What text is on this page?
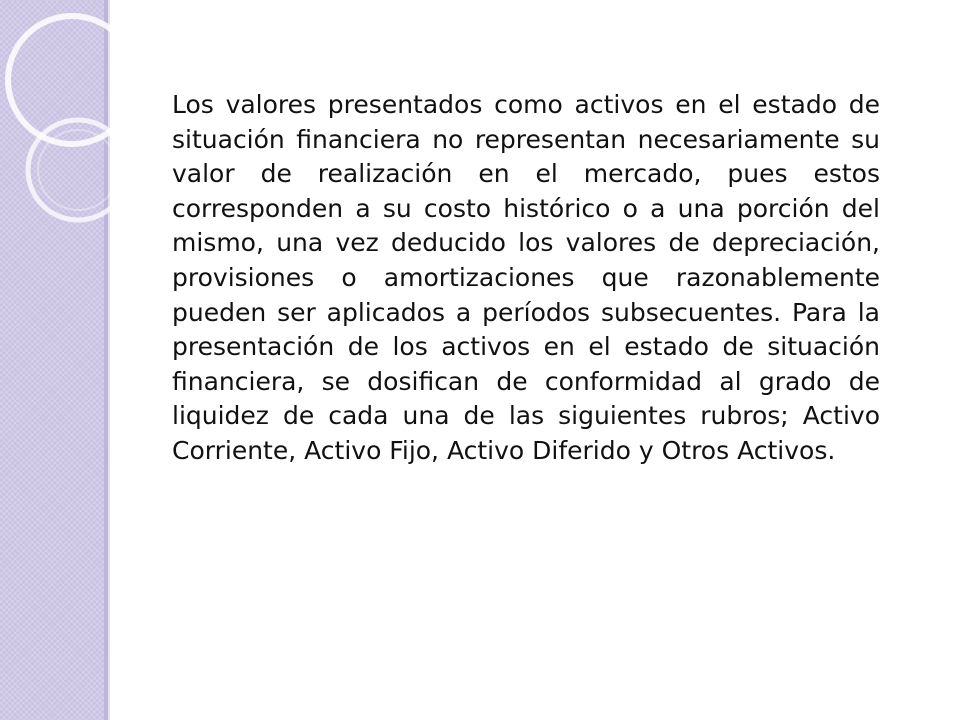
Los valores presentados como activos en el estado de situación financiera no representan necesariamente su valor de realización en el mercado, pues estos corresponden a su costo histórico o a una porción del mismo, una vez deducido los valores de depreciación, provisiones o amortizaciones que razonablemente pueden ser aplicados a períodos subsecuentes. Para la presentación de los activos en el estado de situación financiera, se dosifican de conformidad al grado de liquidez de cada una de las siguientes rubros; Activo Corriente, Activo Fijo, Activo Diferido y Otros Activos.
